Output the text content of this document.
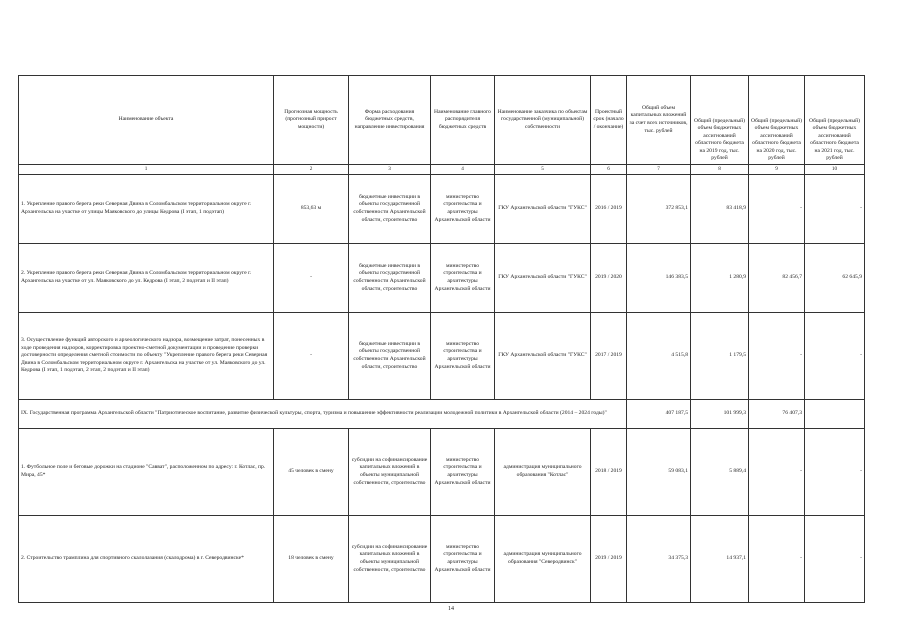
Наименование объекта	Прогнозная мощность (прогнозный прирост мощности)	Форма расходования бюджетных средств, направление инвестирования	Наименование главного распорядителя бюджетных средств	Наименование заказчика по объектам государственной (муниципальной) собственности	Проектный срок (начало / окончание)	Общий объем капитальных вложений за счет всех источников, тыс. рублей	Общий (предельный) объем бюджетных ассигнований областного бюджета на 2019 год, тыс. рублей	Общий (предельный) объем бюджетных ассигнований областного бюджета на 2020 год, тыс. рублей	Общий (предельный) объем бюджетных ассигнований областного бюджета на 2021 год, тыс. рублей
1	2	3	4	5	6	7	8	9	10
1. Укрепление правого берега реки Северная Двина в Соломбальском территориальном округе г. Архангельска на участке от улицы Маяковского до улицы Кедрова (I этап, 1 подэтап)	853,63 м	бюджетные инвестиции в объекты государственной собственности Архангельской области, строительство	министерство строительства и архитектуры Архангельской области	ГКУ Архангельской области "ГУКС"	2016 / 2019	372 853,1	83 418,9	-	-
2. Укрепление правого берега реки Северная Двина в Соломбальском территориальном округе г. Архангельска на участке от ул. Маяковского до ул. Кедрова (I этап, 2 подэтап и II этап)	-	бюджетные инвестиции в объекты государственной собственности Архангельской области, строительство	министерство строительства и архитектуры Архангельской области	ГКУ Архангельской области "ГУКС"	2019 / 2020	146 383,5	1 280,9	82 456,7	62 645,9
3. Осуществление функций авторского и археологического надзора, возмещение затрат, понесенных в ходе проведения надзоров, корректировка проектно-сметной документации и проведение проверки достоверности определения сметной стоимости по объекту "Укрепление правого берега реки Северная Двина в Соломбальском территориальном округе г. Архангельска на участке от ул. Маяковского до ул. Кедрова (I этап, 1 подэтап, 2 этап, 2 подэтап и II этап)	-	бюджетные инвестиции в объекты государственной собственности Архангельской области, строительство	министерство строительства и архитектуры Архангельской области	ГКУ Архангельской области "ГУКС"	2017 / 2019	4 515,8	1 179,5	-	-
IX. Государственная программа Архангельской области "Патриотическое воспитание, развитие физической культуры, спорта, туризма и повышение эффективности реализации молодежной политики в Архангельской области (2014 – 2024 годы)"						407 187,5	101 999,3	76 407,3	
1. Футбольное поле и беговые дорожки на стадионе "Савват", расположенном по адресу: г. Котлас, пр. Мира, 45*	45 человек в смену	субсидии на софинансирование капитальных вложений в объекты муниципальной собственности, строительство	министерство строительства и архитектуры Архангельской области	администрация муниципального образования "Котлас"	2018 / 2019	59 083,1	5 889,4	-	-
2. Строительство трамплина для спортивного скалолазания (скалодрома) в г. Северодвинске*	18 человек в смену	субсидии на софинансирование капитальных вложений в объекты муниципальной собственности, строительство	министерство строительства и архитектуры Архангельской области	администрация муниципального образования "Северодвинск"	2019 / 2019	34 375,3	14 937,1	-	-
14
